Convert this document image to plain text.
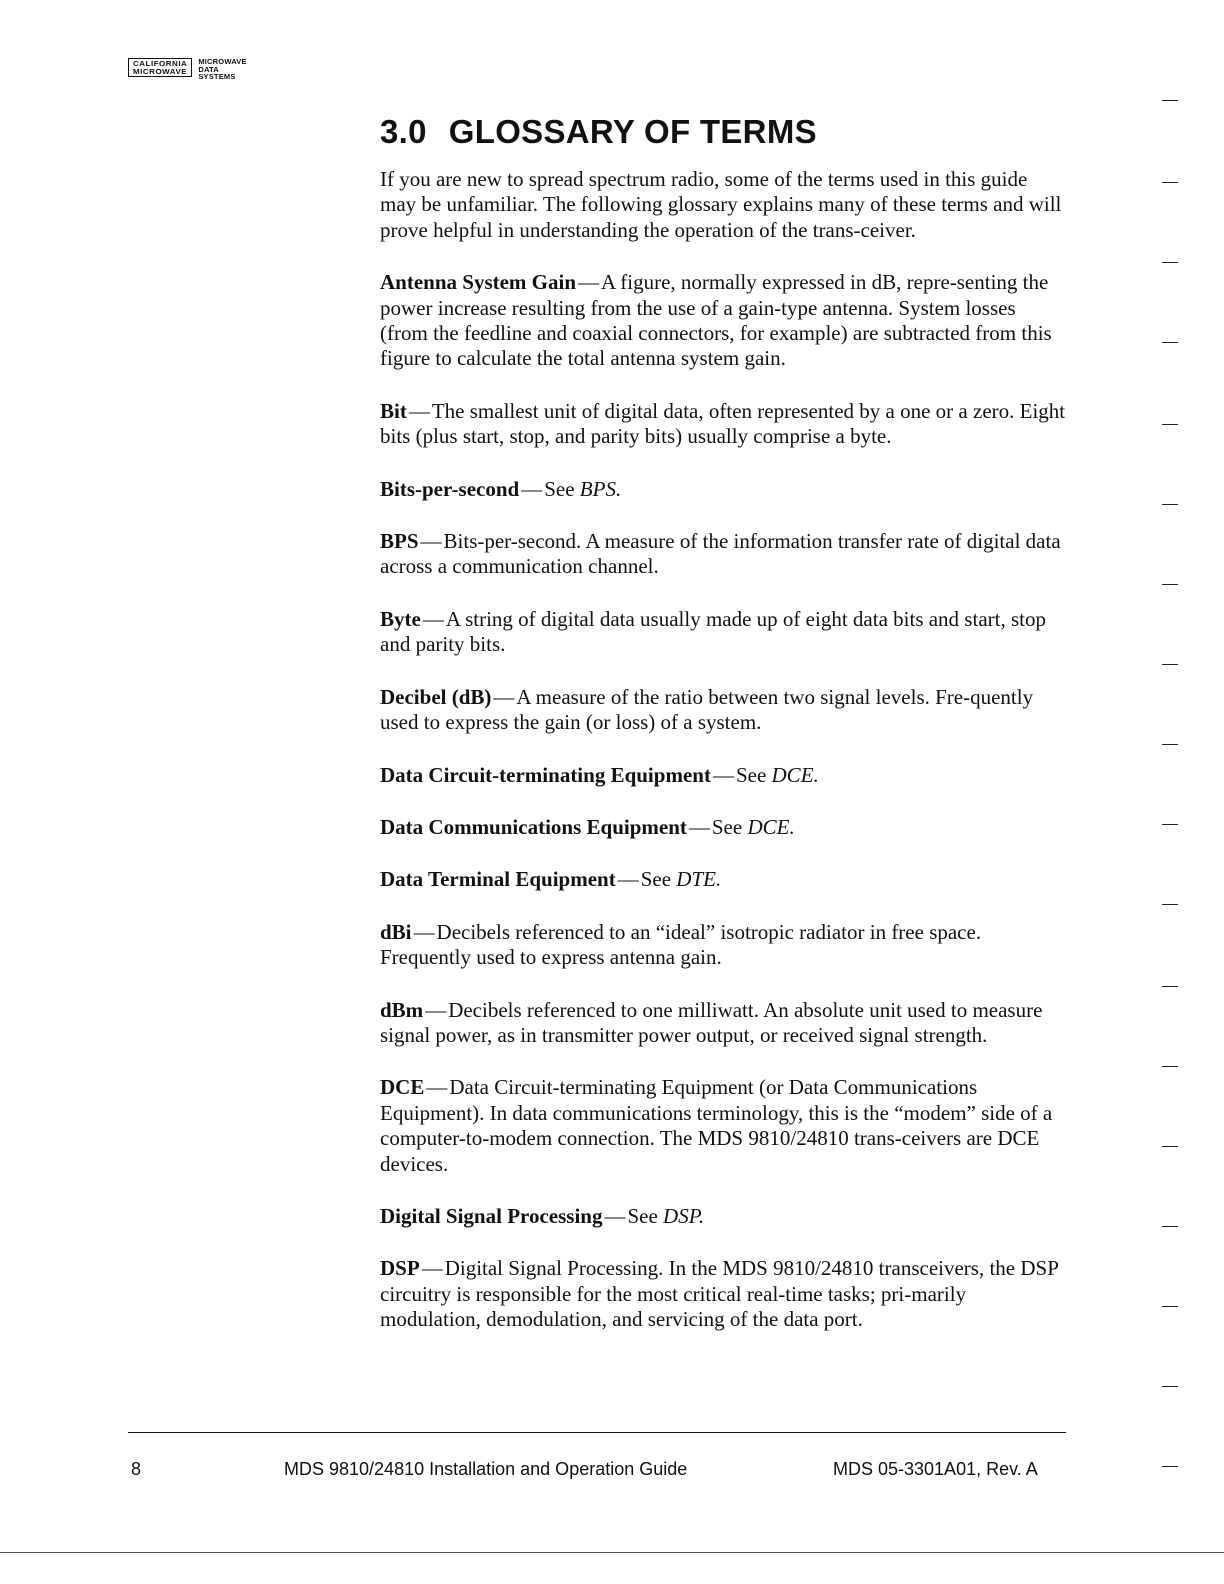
CALIFORNIA
MICROWAVE
MICROWAVE
DATA
SYSTEMS
3.0 GLOSSARY OF TERMS

If you are new to spread spectrum radio, some of the terms used in this guide may be unfamiliar. The following glossary explains many of these terms and will prove helpful in understanding the operation of the trans-ceiver.

Antenna System Gain—A figure, normally expressed in dB, repre-senting the power increase resulting from the use of a gain-type antenna. System losses (from the feedline and coaxial connectors, for example) are subtracted from this figure to calculate the total antenna system gain.

Bit—The smallest unit of digital data, often represented by a one or a zero. Eight bits (plus start, stop, and parity bits) usually comprise a byte.

Bits-per-second—See BPS.

BPS—Bits-per-second. A measure of the information transfer rate of digital data across a communication channel.

Byte—A string of digital data usually made up of eight data bits and start, stop and parity bits.

Decibel (dB)—A measure of the ratio between two signal levels. Fre-quently used to express the gain (or loss) of a system.

Data Circuit-terminating Equipment—See DCE.

Data Communications Equipment—See DCE.

Data Terminal Equipment—See DTE.

dBi—Decibels referenced to an “ideal” isotropic radiator in free space. Frequently used to express antenna gain.

dBm—Decibels referenced to one milliwatt. An absolute unit used to measure signal power, as in transmitter power output, or received signal strength.

DCE—Data Circuit-terminating Equipment (or Data Communications Equipment). In data communications terminology, this is the “modem” side of a computer-to-modem connection. The MDS 9810/24810 trans-ceivers are DCE devices.

Digital Signal Processing—See DSP.

DSP—Digital Signal Processing. In the MDS 9810/24810 transceivers, the DSP circuitry is responsible for the most critical real-time tasks; pri-marily modulation, demodulation, and servicing of the data port.

8	MDS 9810/24810 Installation and Operation Guide	MDS 05-3301A01, Rev. A
